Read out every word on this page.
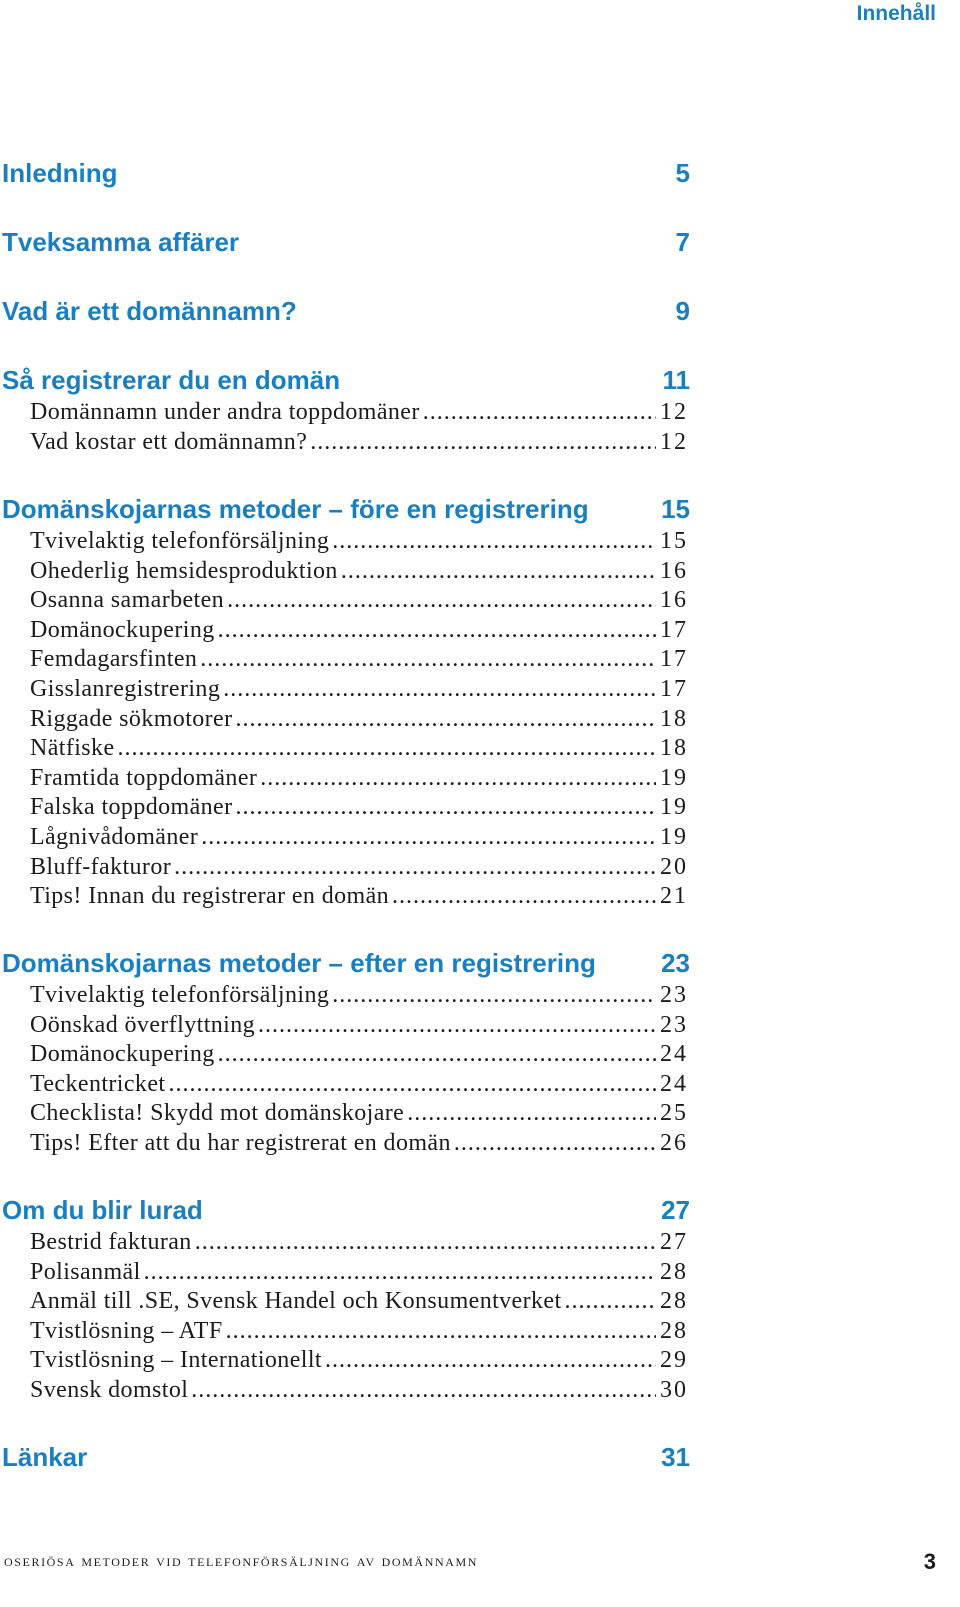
Innehåll
Inledning	5
Tveksamma affärer	7
Vad är ett domännamn?	9
Så registrerar du en domän	11
Domännamn under andra toppdomäner .....	12
Vad kostar ett domännamn? .....	12
Domänskojarnas metoder – före en registrering	15
Tvivelaktig telefonförsäljning .....	15
Ohederlig hemsidesproduktion .....	16
Osanna samarbeten .....	16
Domänockupering .....	17
Femdagarsfinten .....	17
Gisslanregistrering .....	17
Riggade sökmotorer .....	18
Nätfiske .....	18
Framtida toppdomäner .....	19
Falska toppdomäner .....	19
Lågnivådomäner .....	19
Bluff-fakturor .....	20
Tips! Innan du registrerar en domän .....	21
Domänskojarnas metoder – efter en registrering	23
Tvivelaktig telefonförsäljning .....	23
Oönskad överflyttning .....	23
Domänockupering .....	24
Teckentricket .....	24
Checklista! Skydd mot domänskojare .....	25
Tips! Efter att du har registrerat en domän .....	26
Om du blir lurad	27
Bestrid fakturan .....	27
Polisanmäl .....	28
Anmäl till .SE, Svensk Handel och Konsumentverket .....	28
Tvistlösning – ATF .....	28
Tvistlösning – Internationellt .....	29
Svensk domstol .....	30
Länkar	31
oseriösa metoder vid telefonförsäljning av domännamn	3
